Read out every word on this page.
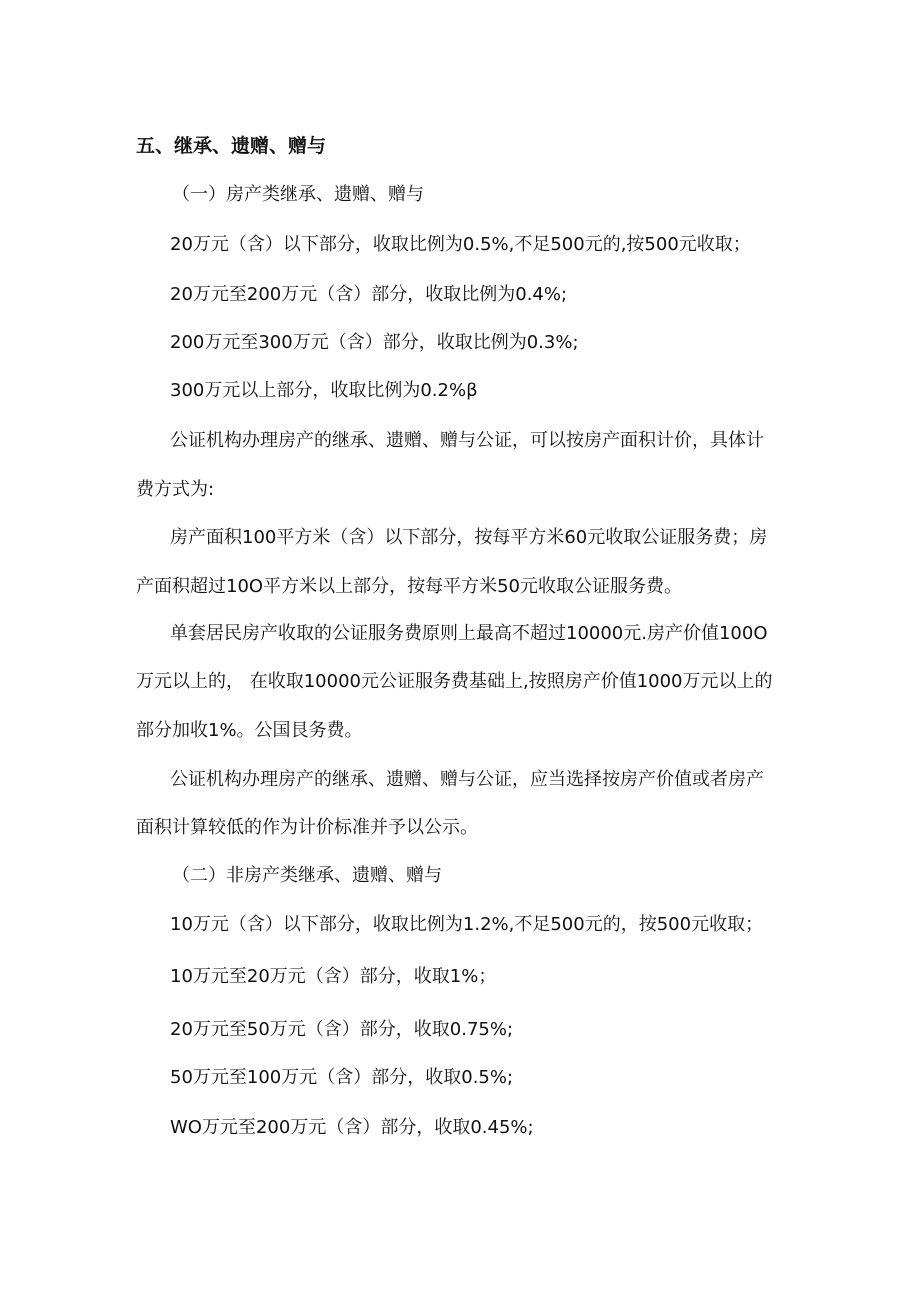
五、继承、遗赠、赠与
（一）房产类继承、遗赠、赠与
20万元（含）以下部分，收取比例为0.5%,不足500元的,按500元收取；
20万元至200万元（含）部分，收取比例为0.4%;
200万元至300万元（含）部分，收取比例为0.3%;
300万元以上部分，收取比例为0.2%β
公证机构办理房产的继承、遗赠、赠与公证，可以按房产面积计价，具体计
费方式为:
房产面积100平方米（含）以下部分，按每平方米60元收取公证服务费；房
产面积超过10O平方米以上部分，按每平方米50元收取公证服务费。
单套居民房产收取的公证服务费原则上最高不超过10000元.房产价值100O
万元以上的， 在收取10000元公证服务费基础上,按照房产价值1000万元以上的
部分加收1%。公国艮务费。
公证机构办理房产的继承、遗赠、赠与公证，应当选择按房产价值或者房产
面积计算较低的作为计价标准并予以公示。
（二）非房产类继承、遗赠、赠与
10万元（含）以下部分，收取比例为1.2%,不足500元的，按500元收取；
10万元至20万元（含）部分，收取1%；
20万元至50万元（含）部分，收取0.75%;
50万元至100万元（含）部分，收取0.5%;
WO万元至200万元（含）部分，收取0.45%;
